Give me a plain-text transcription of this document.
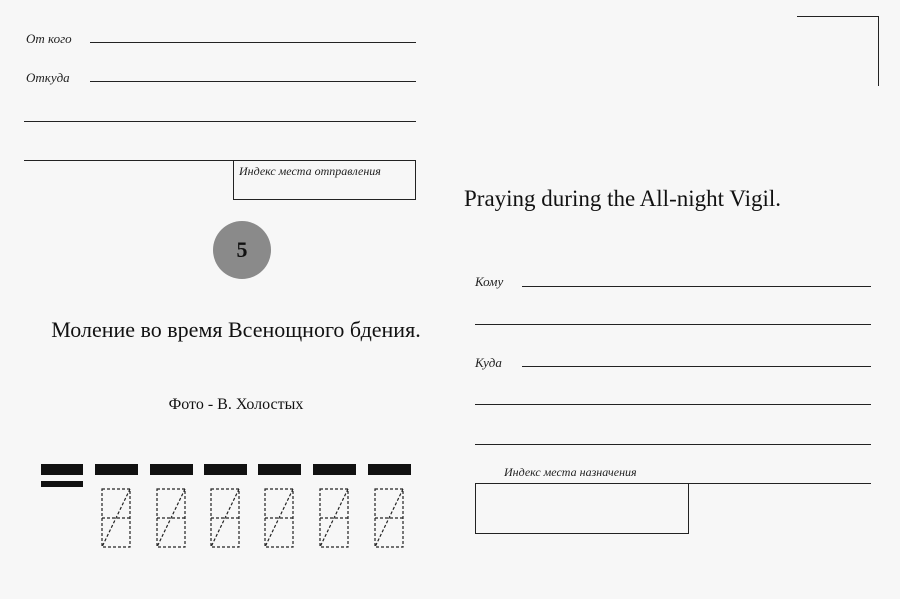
От кого
Откуда
Индекс места отправления
5
Моление во время Всенощного бдения.
Фото - В. Холостых
Praying during the All-night Vigil.
Кому
Куда
Индекс места назначения
